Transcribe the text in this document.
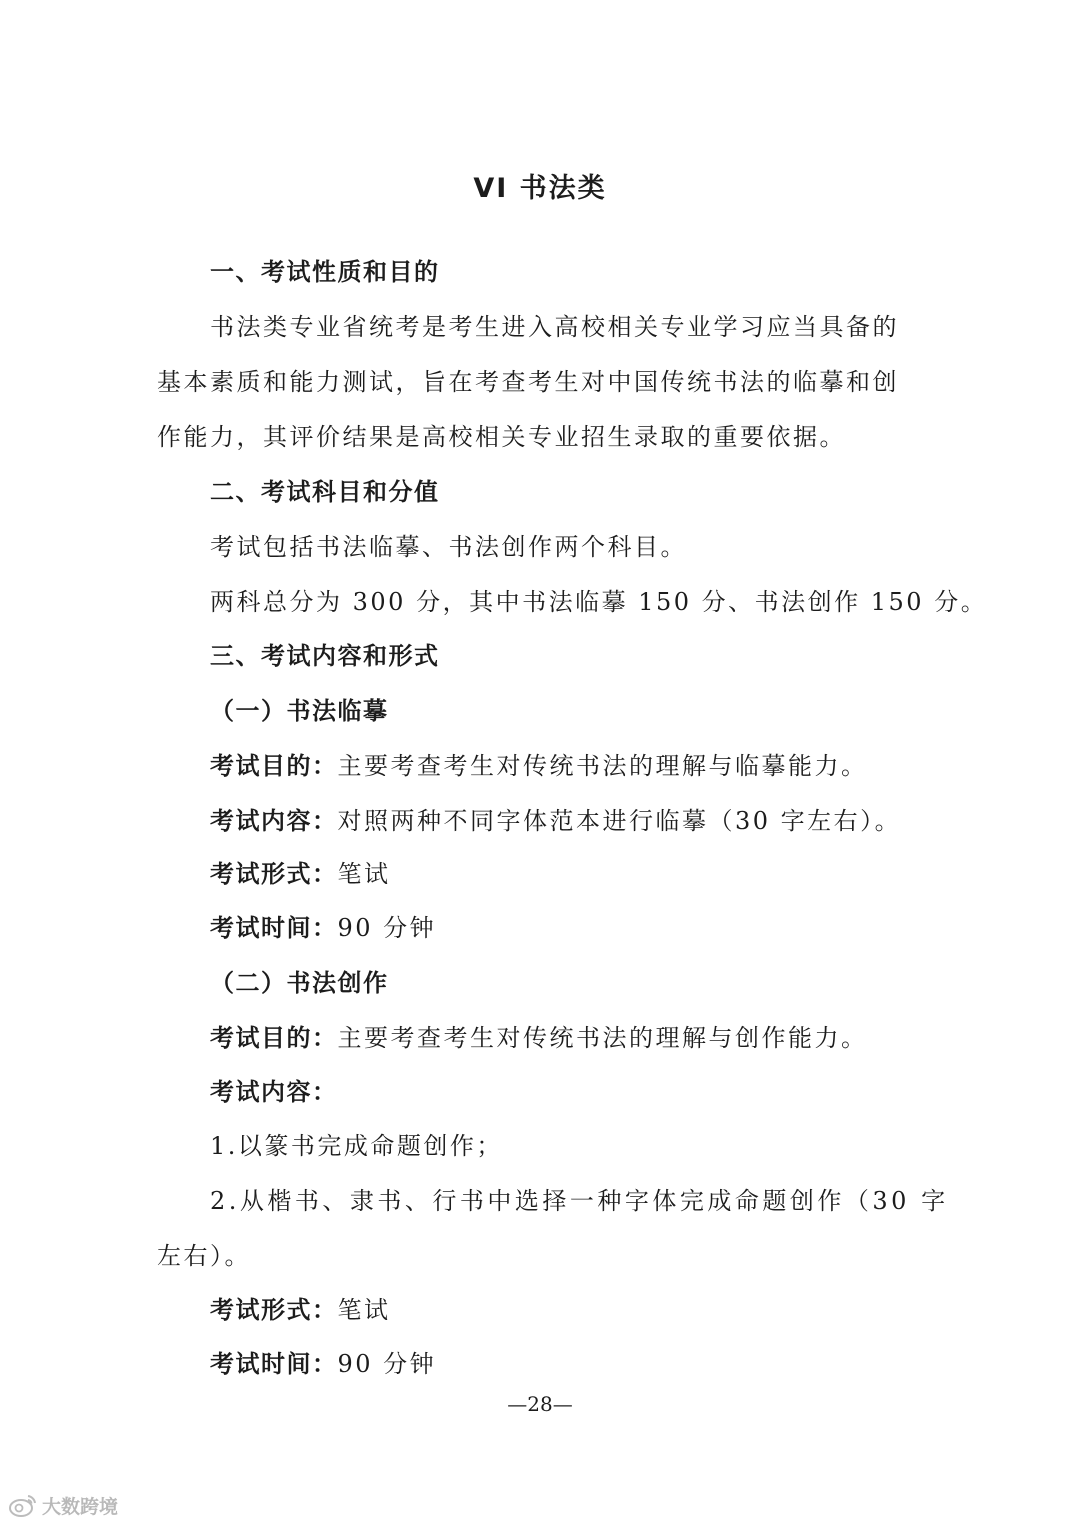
VI 书法类
一、考试性质和目的
书法类专业省统考是考生进入高校相关专业学习应当具备的
基本素质和能力测试，旨在考查考生对中国传统书法的临摹和创
作能力，其评价结果是高校相关专业招生录取的重要依据。
二、考试科目和分值
考试包括书法临摹、书法创作两个科目。
两科总分为 300 分，其中书法临摹 150 分、书法创作 150 分。
三、考试内容和形式
（一）书法临摹
考试目的：主要考查考生对传统书法的理解与临摹能力。
考试内容：对照两种不同字体范本进行临摹（30 字左右）。
考试形式：笔试
考试时间：90 分钟
（二）书法创作
考试目的：主要考查考生对传统书法的理解与创作能力。
考试内容：
1.以篆书完成命题创作；
2.从楷书、隶书、行书中选择一种字体完成命题创作（30 字
左右）。
考试形式：笔试
考试时间：90 分钟
—28—
大数跨境
